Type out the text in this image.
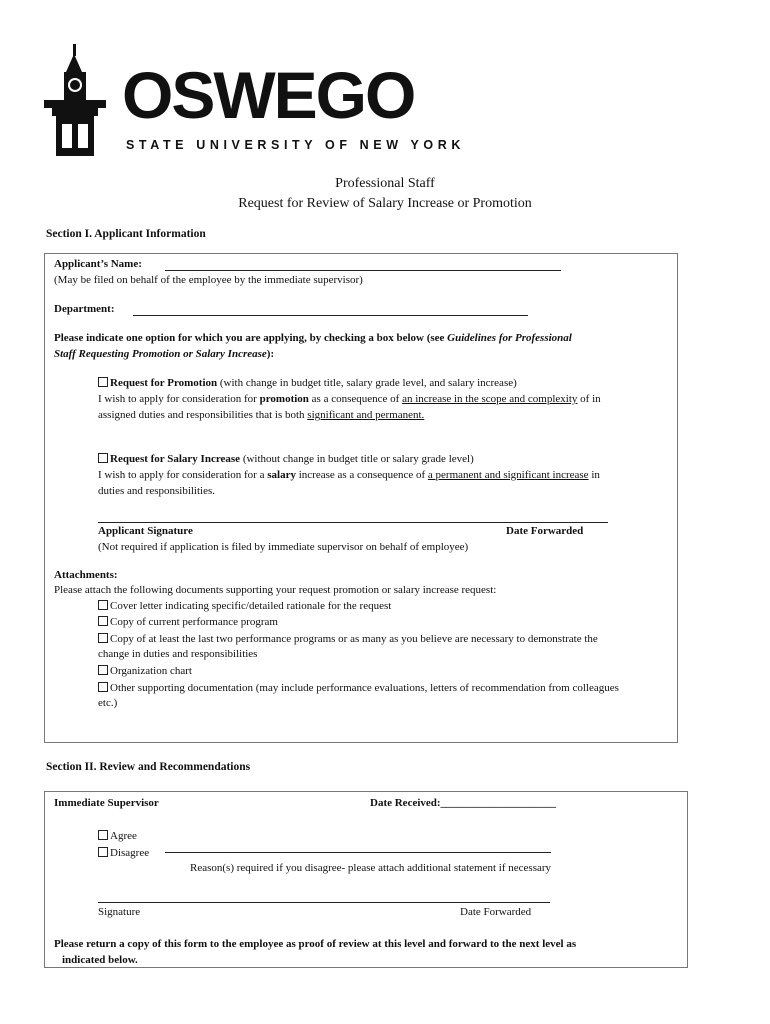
OSWEGO
STATE UNIVERSITY OF NEW YORK
Professional Staff
Request for Review of Salary Increase or Promotion
Section I. Applicant Information
Applicant’s Name:
(May be filed on behalf of the employee by the immediate supervisor)
Department:
Please indicate one option for which you are applying, by checking a box below (see Guidelines for Professional
Staff Requesting Promotion or Salary Increase):
Request for Promotion (with change in budget title, salary grade level, and salary increase)
I wish to apply for consideration for promotion as a consequence of an increase in the scope and complexity of in
assigned duties and responsibilities that is both significant and permanent.
Request for Salary Increase (without change in budget title or salary grade level)
I wish to apply for consideration for a salary increase as a consequence of a permanent and significant increase in
duties and responsibilities.
Applicant Signature	Date Forwarded
(Not required if application is filed by immediate supervisor on behalf of employee)
Attachments:
Please attach the following documents supporting your request promotion or salary increase request:
Cover letter indicating specific/detailed rationale for the request
Copy of current performance program
Copy of at least the last two performance programs or as many as you believe are necessary to demonstrate the
change in duties and responsibilities
Organization chart
Other supporting documentation (may include performance evaluations, letters of recommendation from colleagues
etc.)
Section II. Review and Recommendations
Immediate Supervisor	Date Received:_____________________
Agree
Disagree
Reason(s) required if you disagree- please attach additional statement if necessary
Signature	Date Forwarded
Please return a copy of this form to the employee as proof of review at this level and forward to the next level as
indicated below.
